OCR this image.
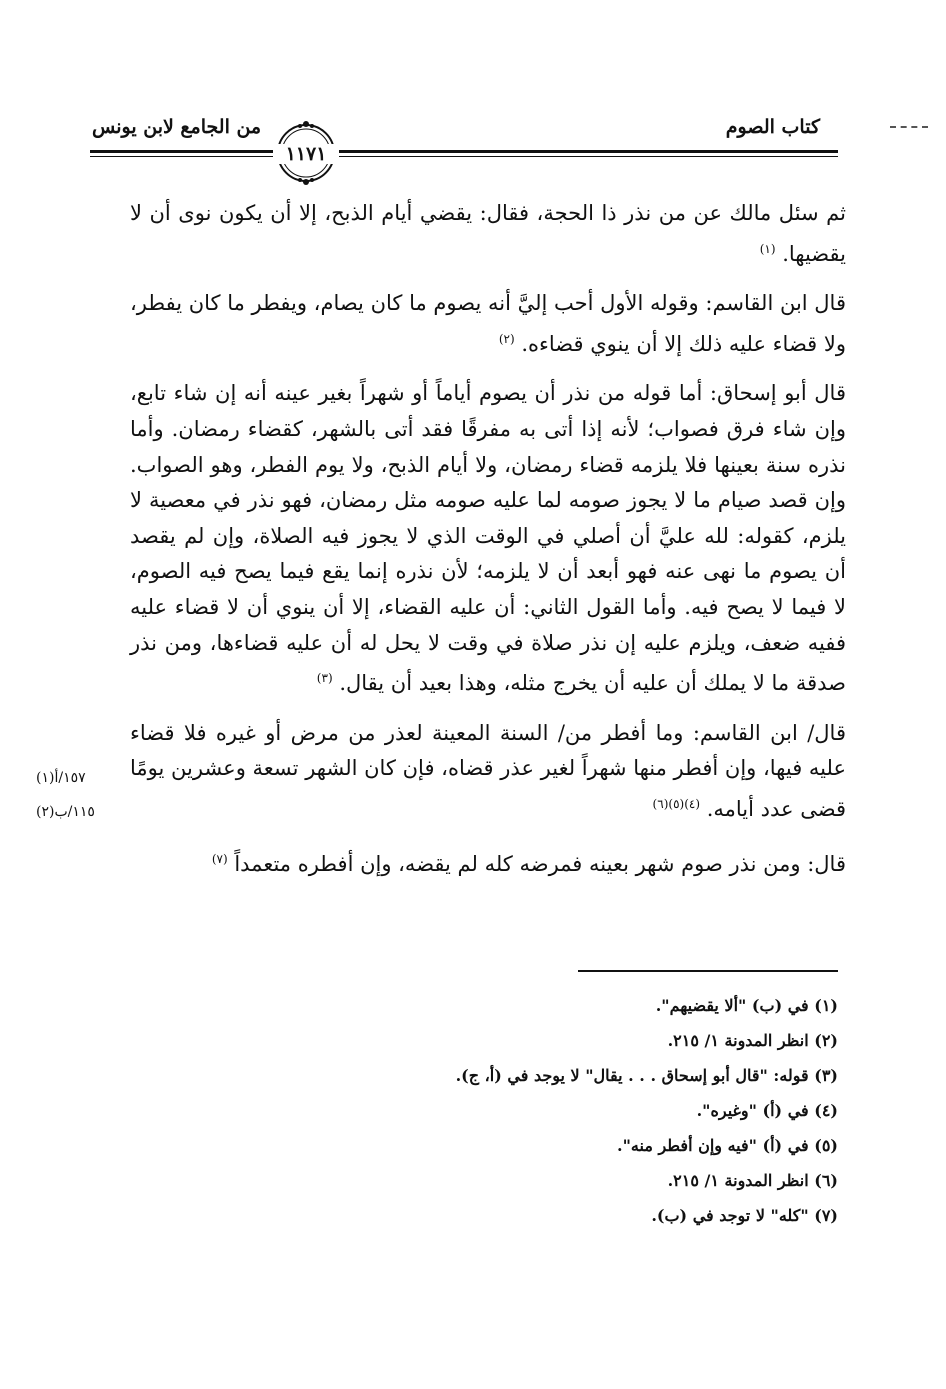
كتاب الصوم
من الجامع لابن يونس
١١٧١

ثم سئل مالك عن من نذر ذا الحجة، فقال: يقضي أيام الذبح، إلا أن يكون نوى أن لا يقضيها. $^{(١)}$

قال ابن القاسم: وقوله الأول أحب إليَّ أنه يصوم ما كان يصام، ويفطر ما كان يفطر، ولا قضاء عليه ذلك إلا أن ينوي قضاءه. $^{(٢)}$

قال أبو إسحاق: أما قوله من نذر أن يصوم أياماً أو شهراً بغير عينه أنه إن شاء تابع، وإن شاء فرق فصواب؛ لأنه إذا أتى به مفرقًا فقد أتى بالشهر، كقضاء رمضان. وأما نذره سنة بعينها فلا يلزمه قضاء رمضان، ولا أيام الذبح، ولا يوم الفطر، وهو الصواب. وإن قصد صيام ما لا يجوز صومه لما عليه صومه مثل رمضان، فهو نذر في معصية لا يلزم، كقوله: لله عليَّ أن أصلي في الوقت الذي لا يجوز فيه الصلاة، وإن لم يقصد أن يصوم ما نهى عنه فهو أبعد أن لا يلزمه؛ لأن نذره إنما يقع فيما يصح فيه الصوم، لا فيما لا يصح فيه. وأما القول الثاني: أن عليه القضاء، إلا أن ينوي أن لا قضاء عليه ففيه ضعف، ويلزم عليه إن نذر صلاة في وقت لا يحل له أن عليه قضاءها، ومن نذر صدقة ما لا يملك أن عليه أن يخرج مثله، وهذا بعيد أن يقال. $^{(٣)}$

قال/ ابن القاسم: وما أفطر من/ السنة المعينة لعذر من مرض أو غيره فلا قضاء عليه فيها، وإن أفطر منها شهراً لغير عذر قضاه، فإن كان الشهر تسعة وعشرين يومًا قضى عدد أيامه. $^{(٤)(٥)(٦)}$

قال: ومن نذر صوم شهر بعينه فمرضه كله لم يقضه، وإن أفطره متعمداً $^{(٧)}$

١٥٧/أ(١)
١١٥/ب(٢)
(١) في (ب) "ألا يقضيهم".
(٢) انظر المدونة ١/ ٢١٥.
(٣) قوله: "قال أبو إسحاق . . . يقال" لا يوجد في (أ، ج).
(٤) في (أ) "وغيره".
(٥) في (أ) "فيه وإن أفطر منه".
(٦) انظر المدونة ١/ ٢١٥.
(٧) "كله" لا توجد في (ب).
